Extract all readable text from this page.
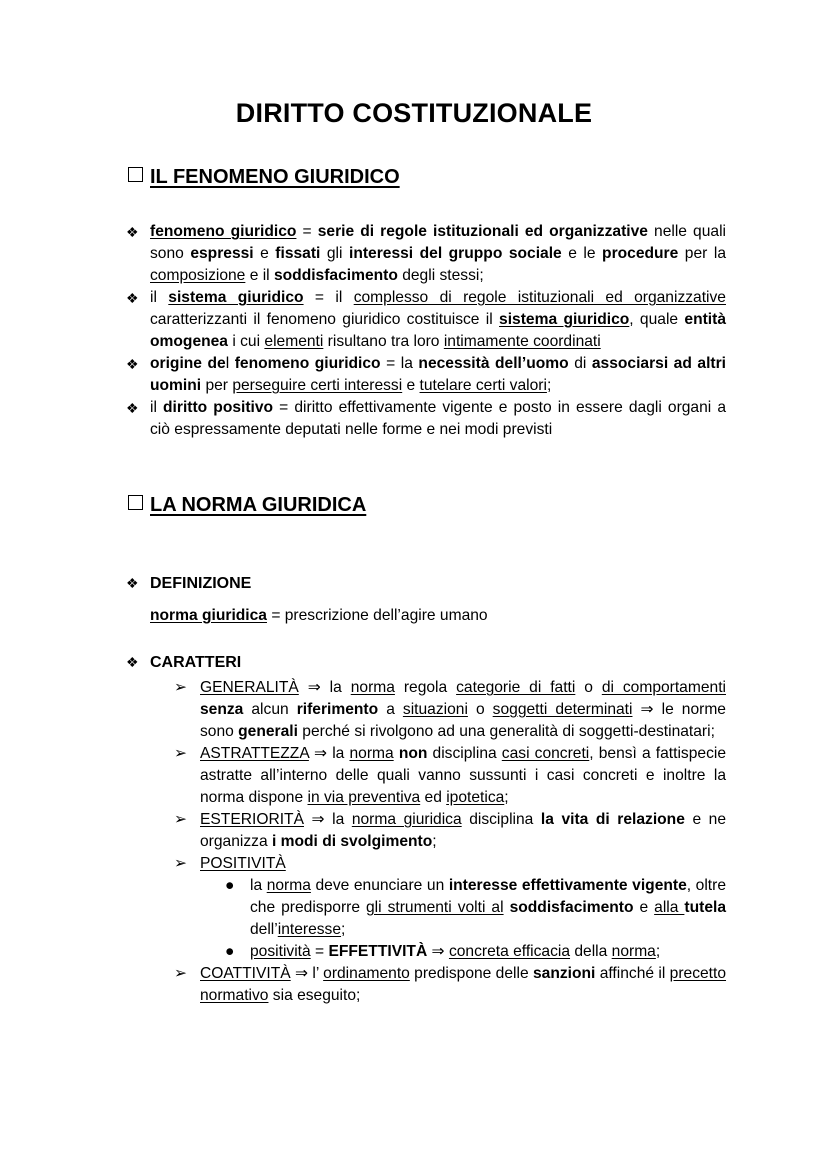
DIRITTO COSTITUZIONALE
IL FENOMENO GIURIDICO
❖ fenomeno giuridico = serie di regole istituzionali ed organizzative nelle quali sono espressi e fissati gli interessi del gruppo sociale e le procedure per la composizione e il soddisfacimento degli stessi;
❖ il sistema giuridico = il complesso di regole istituzionali ed organizzative caratterizzanti il fenomeno giuridico costituisce il sistema giuridico, quale entità omogenea i cui elementi risultano tra loro intimamente coordinati
❖ origine del fenomeno giuridico = la necessità dell’uomo di associarsi ad altri uomini per perseguire certi interessi e tutelare certi valori;
❖ il diritto positivo = diritto effettivamente vigente e posto in essere dagli organi a ciò espressamente deputati nelle forme e nei modi previsti
LA NORMA GIURIDICA
❖ DEFINIZIONE
norma giuridica = prescrizione dell’agire umano
❖ CARATTERI
➢ GENERALITÀ ⇒ la norma regola categorie di fatti o di comportamenti senza alcun riferimento a situazioni o soggetti determinati ⇒ le norme sono generali perché si rivolgono ad una generalità di soggetti-destinatari;
➢ ASTRATTEZZA ⇒ la norma non disciplina casi concreti, bensì a fattispecie astratte all’interno delle quali vanno sussunti i casi concreti e inoltre la norma dispone in via preventiva ed ipotetica;
➢ ESTERIORITÀ ⇒ la norma giuridica disciplina la vita di relazione e ne organizza i modi di svolgimento;
➢ POSITIVITÀ
● la norma deve enunciare un interesse effettivamente vigente, oltre che predisporre gli strumenti volti al soddisfacimento e alla tutela dell’interesse;
● positività = EFFETTIVITÀ ⇒ concreta efficacia della norma;
➢ COATTIVITÀ ⇒ l’ ordinamento predispone delle sanzioni affinché il precetto normativo sia eseguito;
